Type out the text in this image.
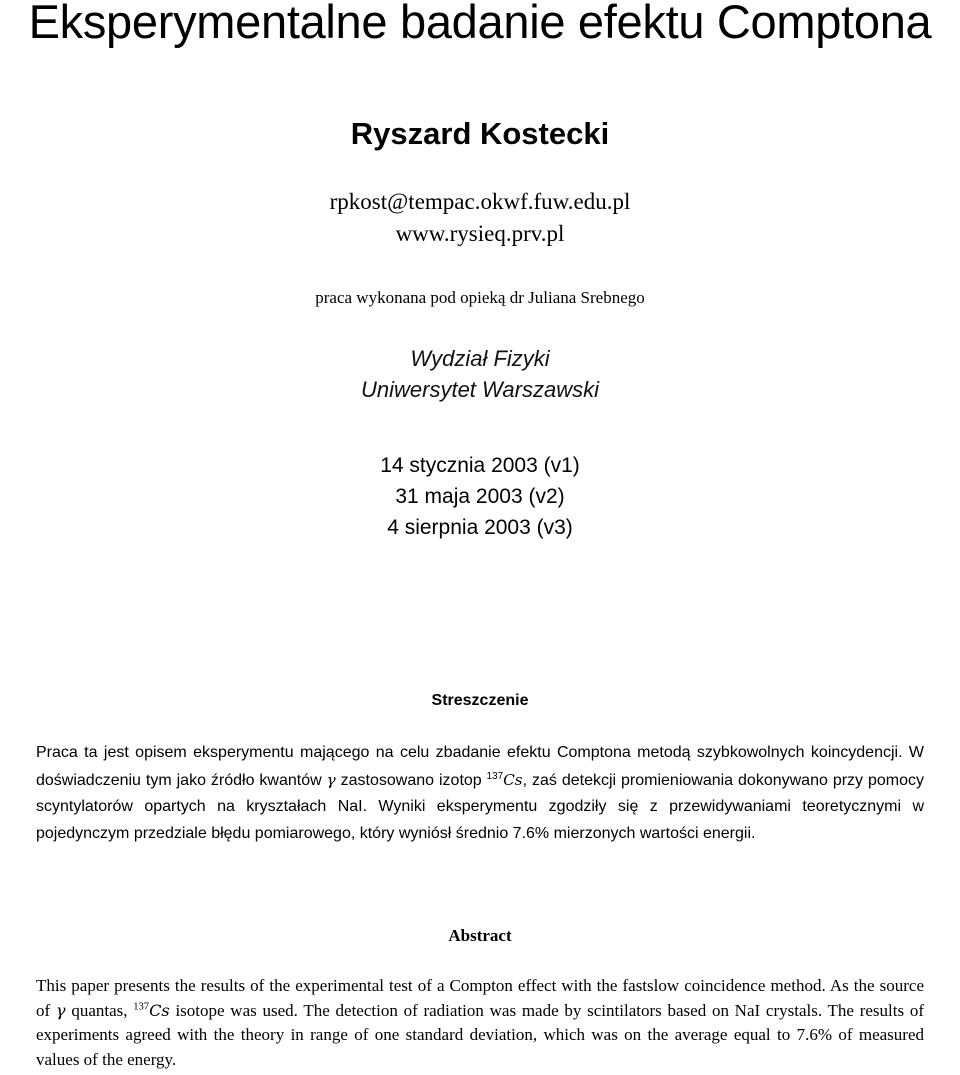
Eksperymentalne badanie efektu Comptona
Ryszard Kostecki
rpkost@tempac.okwf.fuw.edu.pl
www.rysieq.prv.pl
praca wykonana pod opieką dr Juliana Srebnego
Wydział Fizyki
Uniwersytet Warszawski
14 stycznia 2003 (v1)
31 maja 2003 (v2)
4 sierpnia 2003 (v3)
Streszczenie

Praca ta jest opisem eksperymentu mającego na celu zbadanie efektu Comptona metodą szybkowolnych koincydencji. W doświadczeniu tym jako źródło kwantów γ zastosowano izotop $^{137}$Cs, zaś detekcji promieniowania dokonywano przy pomocy scyntylatorów opartych na kryształach NaI. Wyniki eksperymentu zgodziły się z przewidywaniami teoretycznymi w pojedynczym przedziale błędu pomiarowego, który wyniósł średnio 7.6% mierzonych wartości energii.

Abstract

This paper presents the results of the experimental test of a Compton effect with the fastslow coincidence method. As the source of γ quantas, $^{137}$Cs isotope was used. The detection of radiation was made by scintilators based on NaI crystals. The results of experiments agreed with the theory in range of one standard deviation, which was on the average equal to 7.6% of measured values of the energy.
